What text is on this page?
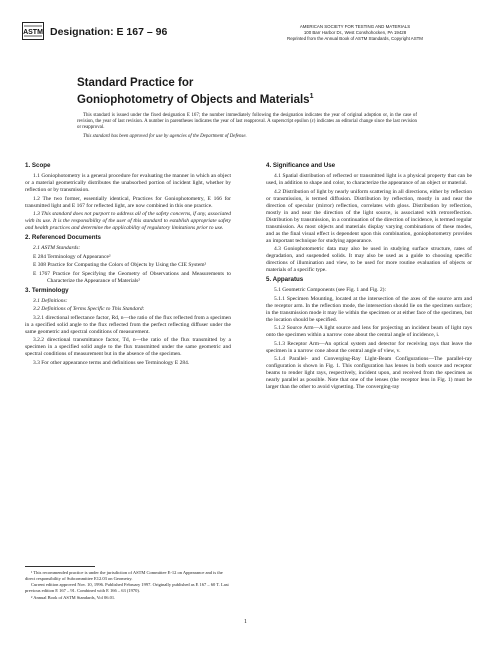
ASTM Designation: E 167 – 96	AMERICAN SOCIETY FOR TESTING AND MATERIALS
100 Barr Harbor Dr., West Conshohocken, PA 19428
Reprinted from the Annual Book of ASTM Standards, Copyright ASTM
Standard Practice for
Goniophotometry of Objects and Materials$^1$

This standard is issued under the fixed designation E 167; the number immediately following the designation indicates the year of original adoption or, in the case of revision, the year of last revision. A number in parentheses indicates the year of last reapproval. A superscript epsilon (ε) indicates an editorial change since the last revision or reapproval.

This standard has been approved for use by agencies of the Department of Defense.

1. Scope

1.1 Goniophotometry is a general procedure for evaluating the manner in which an object or a material geometrically distributes the unabsorbed portion of incident light, whether by reflection or by transmission.

1.2 The two former, essentially identical, Practices for Goniophotometry, E 166 for transmitted light and E 167 for reflected light, are now combined in this one practice.

1.3 This standard does not purport to address all of the safety concerns, if any, associated with its use. It is the responsibility of the user of this standard to establish appropriate safety and health practices and determine the applicability of regulatory limitations prior to use.

2. Referenced Documents

2.1 ASTM Standards:

E 284 Terminology of Appearance²

E 308 Practice for Computing the Colors of Objects by Using the CIE System²

E 1767 Practice for Specifying the Geometry of Observations and Measurements to Characterize the Appearance of Materials²

3. Terminology

3.1 Definitions:

3.2 Definitions of Terms Specific to This Standard:

3.2.1 directional reflectance factor, Rd, n—the ratio of the flux reflected from a specimen in a specified solid angle to the flux reflected from the perfect reflecting diffuser under the same geometric and spectral conditions of measurement.

3.2.2 directional transmittance factor, Td, n—the ratio of the flux transmitted by a specimen in a specified solid angle to the flux transmitted under the same geometric and spectral conditions of measurement but in the absence of the specimen.

3.3 For other appearance terms and definitions see Terminology E 284.

¹ This recommended practice is under the jurisdiction of ASTM Committee E-12 on Appearance and is the direct responsibility of Subcommittee E12.03 on Geometry.

Current edition approved Nov. 10, 1996. Published February 1997. Originally published as E 167 – 60 T. Last previous edition E 167 – 91. Combined with E 166 – 63 (1970).

² Annual Book of ASTM Standards, Vol 06.01.

4. Significance and Use

4.1 Spatial distribution of reflected or transmitted light is a physical property that can be used, in addition to shape and color, to characterize the appearance of an object or material.

4.2 Distribution of light by nearly uniform scattering in all directions, either by reflection or transmission, is termed diffusion. Distribution by reflection, mostly in and near the direction of specular (mirror) reflection, correlates with gloss. Distribution by reflection, mostly in and near the direction of the light source, is associated with retroreflection. Distribution by transmission, in a continuation of the direction of incidence, is termed regular transmission. As most objects and materials display varying combinations of these modes, and as the final visual effect is dependent upon this combination, goniophotometry provides an important technique for studying appearance.

4.3 Goniophotometric data may also be used in studying surface structure, rates of degradation, and suspended solids. It may also be used as a guide to choosing specific directions of illumination and view, to be used for more routine evaluation of objects or materials of a specific type.

5. Apparatus

5.1 Geometric Components (see Fig. 1 and Fig. 2):

5.1.1 Specimen Mounting, located at the intersection of the axes of the source arm and the receptor arm. In the reflection mode, the intersection should lie on the specimen surface; in the transmission mode it may lie within the specimen or at either face of the specimen, but the location should be specified.

5.1.2 Source Arm—A light source and lens for projecting an incident beam of light rays onto the specimen within a narrow cone about the central angle of incidence, i.

5.1.3 Receptor Arm—An optical system and detector for receiving rays that leave the specimen in a narrow cone about the central angle of view, v.

5.1.4 Parallel- and Converging-Ray Light-Beam Configurations—The parallel-ray configuration is shown in Fig. 1. This configuration has lenses in both source and receptor beams to render light rays, respectively, incident upon, and received from the specimen as nearly parallel as possible. Note that one of the lenses (the receptor lens in Fig. 1) must be larger than the other to avoid vignetting. The converging-ray

1
